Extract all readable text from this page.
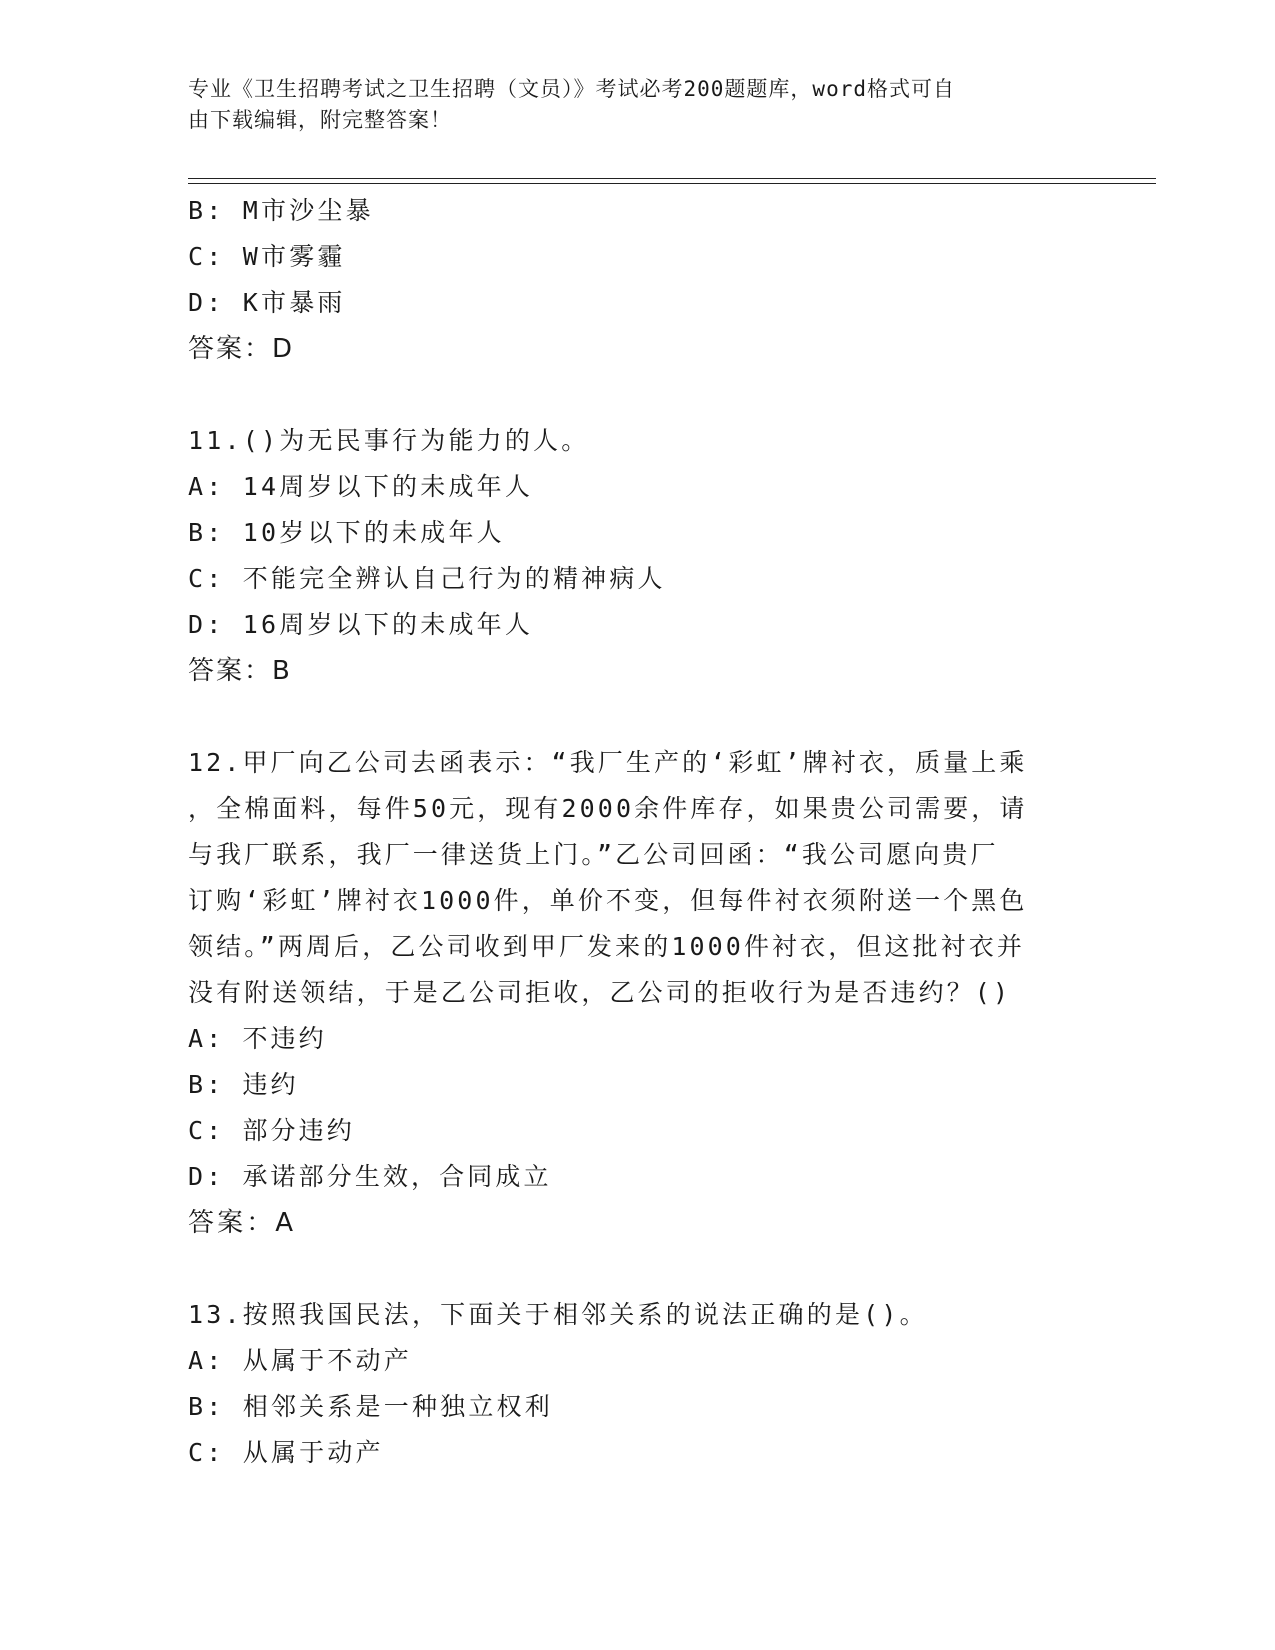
专业《卫生招聘考试之卫生招聘（文员）》考试必考200题题库，word格式可自
由下载编辑，附完整答案！
B: M市沙尘暴
C: W市雾霾
D: K市暴雨
答案：D
11.()为无民事行为能力的人。
A: 14周岁以下的未成年人
B: 10岁以下的未成年人
C: 不能完全辨认自己行为的精神病人
D: 16周岁以下的未成年人
答案：B
12.甲厂向乙公司去函表示：“我厂生产的‘彩虹’牌衬衣，质量上乘
，全棉面料，每件50元，现有2000余件库存，如果贵公司需要，请
与我厂联系，我厂一律送货上门。”乙公司回函：“我公司愿向贵厂
订购‘彩虹’牌衬衣1000件，单价不变，但每件衬衣须附送一个黑色
领结。”两周后，乙公司收到甲厂发来的1000件衬衣，但这批衬衣并
没有附送领结，于是乙公司拒收，乙公司的拒收行为是否违约？()
A: 不违约
B: 违约
C: 部分违约
D: 承诺部分生效，合同成立
答案：A
13.按照我国民法，下面关于相邻关系的说法正确的是()。
A: 从属于不动产
B: 相邻关系是一种独立权利
C: 从属于动产
